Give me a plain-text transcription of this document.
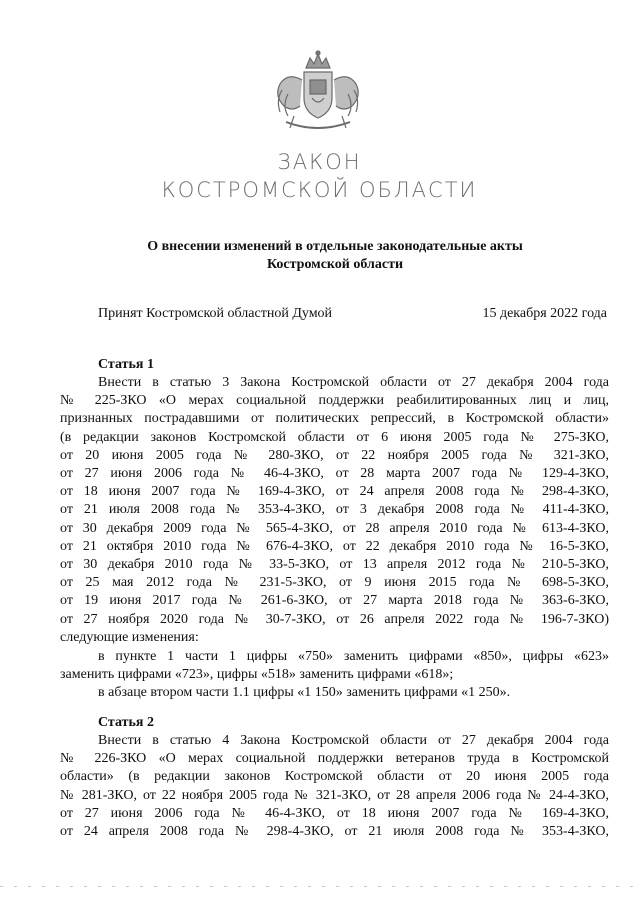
ЗАКОН
КОСТРОМСКОЙ ОБЛАСТИ
О внесении изменений в отдельные законодательные акты
Костромской области
Принят Костромской областной Думой	15 декабря 2022 года
Статья 1
Внести в статью 3 Закона Костромской области от 27 декабря 2004 года
№ 225-ЗКО «О мерах социальной поддержки реабилитированных лиц и лиц,
признанных пострадавшими от политических репрессий, в Костромской области»
(в редакции законов Костромской области от 6 июня 2005 года № 275-ЗКО,
от 20 июня 2005 года № 280-ЗКО, от 22 ноября 2005 года № 321-ЗКО,
от 27 июня 2006 года № 46-4-ЗКО, от 28 марта 2007 года № 129-4-ЗКО,
от 18 июня 2007 года № 169-4-ЗКО, от 24 апреля 2008 года № 298-4-ЗКО,
от 21 июля 2008 года № 353-4-ЗКО, от 3 декабря 2008 года № 411-4-ЗКО,
от 30 декабря 2009 года № 565-4-ЗКО, от 28 апреля 2010 года № 613-4-ЗКО,
от 21 октября 2010 года № 676-4-ЗКО, от 22 декабря 2010 года № 16-5-ЗКО,
от 30 декабря 2010 года № 33-5-ЗКО, от 13 апреля 2012 года № 210-5-ЗКО,
от 25 мая 2012 года № 231-5-ЗКО, от 9 июня 2015 года № 698-5-ЗКО,
от 19 июня 2017 года № 261-6-ЗКО, от 27 марта 2018 года № 363-6-ЗКО,
от 27 ноября 2020 года № 30-7-ЗКО, от 26 апреля 2022 года № 196-7-ЗКО)
следующие изменения:
в пункте 1 части 1 цифры «750» заменить цифрами «850», цифры «623»
заменить цифрами «723», цифры «518» заменить цифрами «618»;
в абзаце втором части 1.1 цифры «1 150» заменить цифрами «1 250».
Статья 2
Внести в статью 4 Закона Костромской области от 27 декабря 2004 года
№ 226-ЗКО «О мерах социальной поддержки ветеранов труда в Костромской
области» (в редакции законов Костромской области от 20 июня 2005 года
№ 281-ЗКО, от 22 ноября 2005 года № 321-ЗКО, от 28 апреля 2006 года № 24-4-ЗКО,
от 27 июня 2006 года № 46-4-ЗКО, от 18 июня 2007 года № 169-4-ЗКО,
от 24 апреля 2008 года № 298-4-ЗКО, от 21 июля 2008 года № 353-4-ЗКО,
